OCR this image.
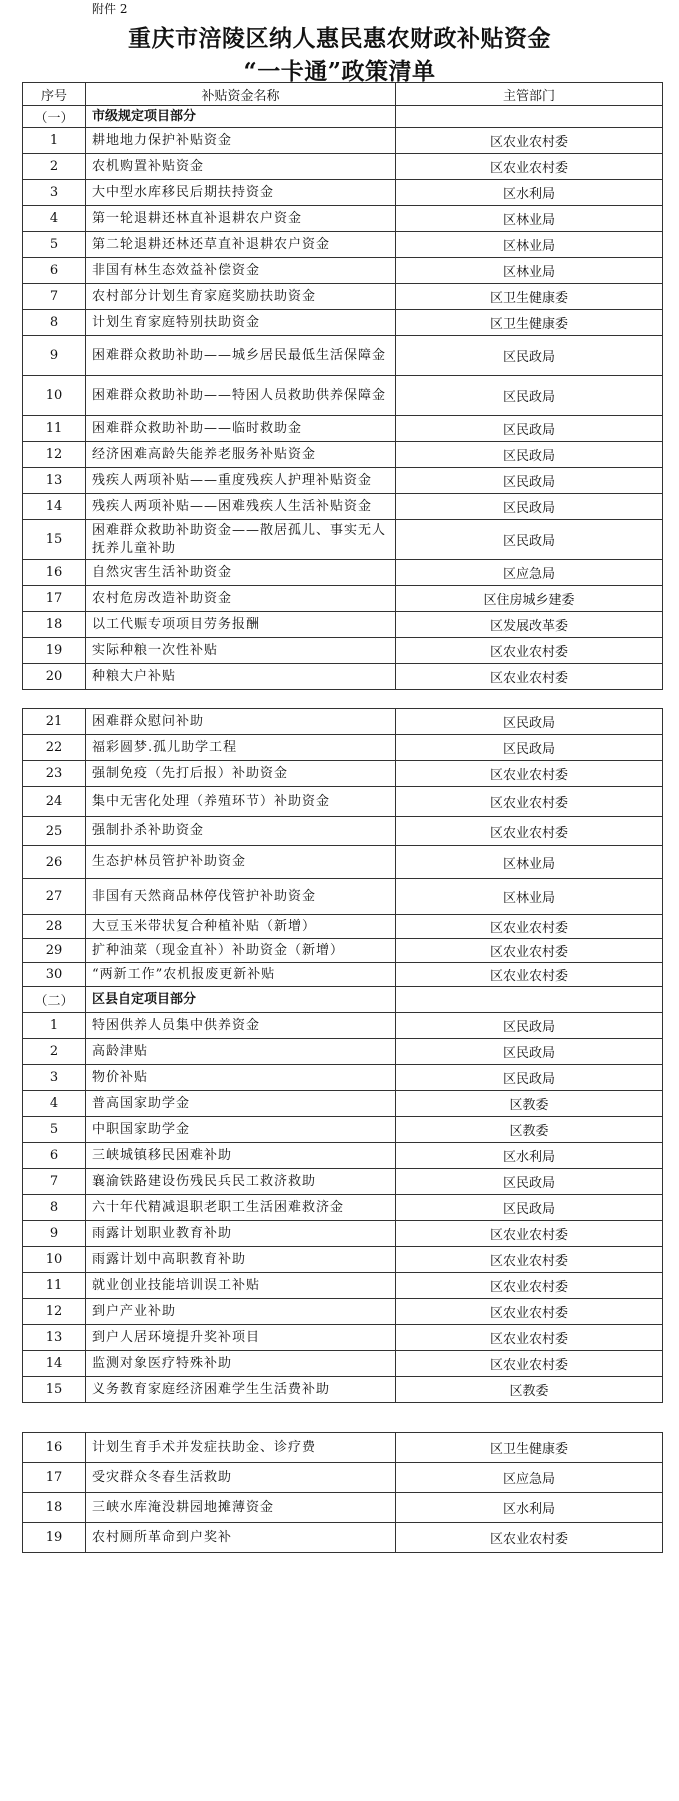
附件 2
重庆市涪陵区纳人惠民惠农财政补贴资金
“一卡通”政策清单
序号	补贴资金名称	主管部门
（一）	市级规定项目部分	
1	耕地地力保护补贴资金	区农业农村委
2	农机购置补贴资金	区农业农村委
3	大中型水库移民后期扶持资金	区水利局
4	第一轮退耕还林直补退耕农户资金	区林业局
5	第二轮退耕还林还草直补退耕农户资金	区林业局
6	非国有林生态效益补偿资金	区林业局
7	农村部分计划生育家庭奖励扶助资金	区卫生健康委
8	计划生育家庭特别扶助资金	区卫生健康委
9	困难群众救助补助——城乡居民最低生活保障金	区民政局
10	困难群众救助补助——特困人员救助供养保障金	区民政局
11	困难群众救助补助——临时救助金	区民政局
12	经济困难高龄失能养老服务补贴资金	区民政局
13	残疾人两项补贴——重度残疾人护理补贴资金	区民政局
14	残疾人两项补贴——困难残疾人生活补贴资金	区民政局
15	困难群众救助补助资金——散居孤儿、事实无人抚养儿童补助	区民政局
16	自然灾害生活补助资金	区应急局
17	农村危房改造补助资金	区住房城乡建委
18	以工代赈专项项目劳务报酬	区发展改革委
19	实际种粮一次性补贴	区农业农村委
20	种粮大户补贴	区农业农村委
21	困难群众慰问补助	区民政局
22	福彩圆梦.孤儿助学工程	区民政局
23	强制免疫（先打后报）补助资金	区农业农村委
24	集中无害化处理（养殖环节）补助资金	区农业农村委
25	强制扑杀补助资金	区农业农村委
26	生态护林员管护补助资金	区林业局
27	非国有天然商品林停伐管护补助资金	区林业局
28	大豆玉米带状复合种植补贴（新增）	区农业农村委
29	扩种油菜（现金直补）补助资金（新增）	区农业农村委
30	“两新工作”农机报废更新补贴	区农业农村委
（二）	区县自定项目部分	
1	特困供养人员集中供养资金	区民政局
2	高龄津贴	区民政局
3	物价补贴	区民政局
4	普高国家助学金	区教委
5	中职国家助学金	区教委
6	三峡城镇移民困难补助	区水利局
7	襄渝铁路建设伤残民兵民工救济救助	区民政局
8	六十年代精减退职老职工生活困难救济金	区民政局
9	雨露计划职业教育补助	区农业农村委
10	雨露计划中高职教育补助	区农业农村委
11	就业创业技能培训误工补贴	区农业农村委
12	到户产业补助	区农业农村委
13	到户人居环境提升奖补项目	区农业农村委
14	监测对象医疗特殊补助	区农业农村委
15	义务教育家庭经济困难学生生活费补助	区教委
16	计划生育手术并发症扶助金、诊疗费	区卫生健康委
17	受灾群众冬春生活救助	区应急局
18	三峡水库淹没耕园地摊薄资金	区水利局
19	农村厕所革命到户奖补	区农业农村委
